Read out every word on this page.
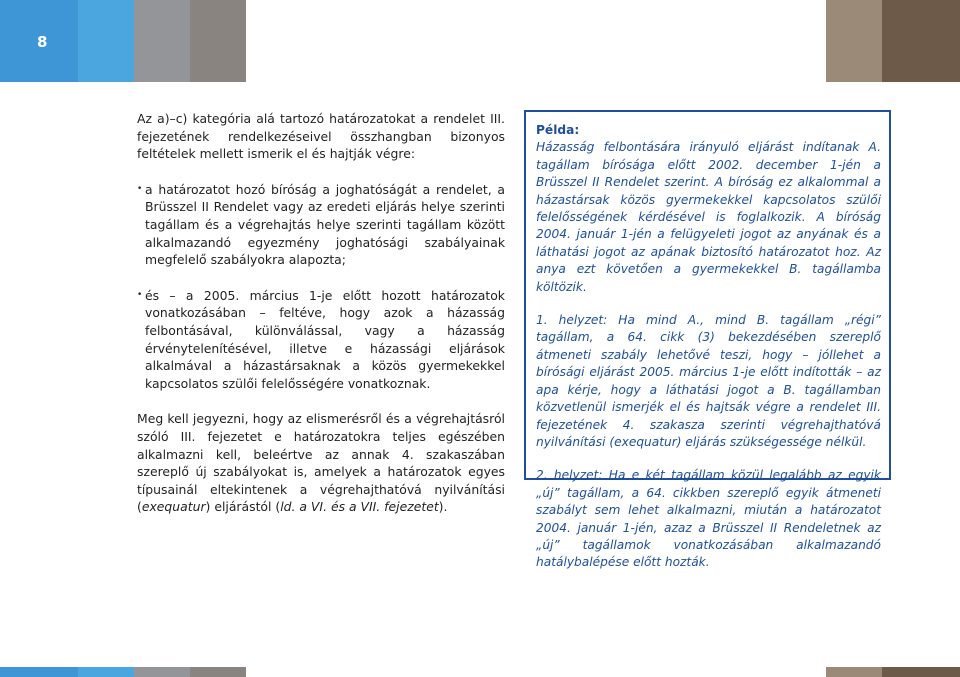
8

Az a)–c) kategória alá tartozó határozatokat a rendelet III. fejezetének rendelkezéseivel összhangban bizonyos feltételek mellett ismerik el és hajtják végre:

• a határozatot hozó bíróság a joghatóságát a rendelet, a Brüsszel II Rendelet vagy az eredeti eljárás helye szerinti tagállam és a végrehajtás helye szerinti tagállam között alkalmazandó egyezmény joghatósági szabályainak megfelelő szabályokra alapozta;
• és – a 2005. március 1-je előtt hozott határozatok vonatkozásában – feltéve, hogy azok a házasság felbontásával, különválással, vagy a házasság érvénytelenítésével, illetve e házassági eljárások alkalmával a házastársaknak a közös gyermekekkel kapcsolatos szülői felelősségére vonatkoznak.

Meg kell jegyezni, hogy az elismerésről és a végrehajtásról szóló III. fejezetet e határozatokra teljes egészében alkalmazni kell, beleértve az annak 4. szakaszában szereplő új szabályokat is, amelyek a határozatok egyes típusainál eltekintenek a végrehajthatóvá nyilvánítási (exequatur) eljárástól (ld. a VI. és a VII. fejezetet).

Példa:

Házasság felbontására irányuló eljárást indítanak A. tagállam bírósága előtt 2002. december 1-jén a Brüsszel II Rendelet szerint. A bíróság ez alkalommal a házastársak közös gyermekekkel kapcsolatos szülői felelősségének kérdésével is foglalkozik. A bíróság 2004. január 1-jén a felügyeleti jogot az anyának és a láthatási jogot az apának biztosító határozatot hoz. Az anya ezt követően a gyermekekkel B. tagállamba költözik.

1. helyzet: Ha mind A., mind B. tagállam „régi” tagállam, a 64. cikk (3) bekezdésében szereplő átmeneti szabály lehetővé teszi, hogy – jóllehet a bírósági eljárást 2005. március 1-je előtt indították – az apa kérje, hogy a láthatási jogot a B. tagállamban közvetlenül ismerjék el és hajtsák végre a rendelet III. fejezetének 4. szakasza szerinti végrehajthatóvá nyilvánítási (exequatur) eljárás szükségessége nélkül.

2. helyzet: Ha e két tagállam közül legalább az egyik „új” tagállam, a 64. cikkben szereplő egyik átmeneti szabályt sem lehet alkalmazni, miután a határozatot 2004. január 1-jén, azaz a Brüsszel II Rendeletnek az „új” tagállamok vonatkozásában alkalmazandó hatálybalépése előtt hozták.
